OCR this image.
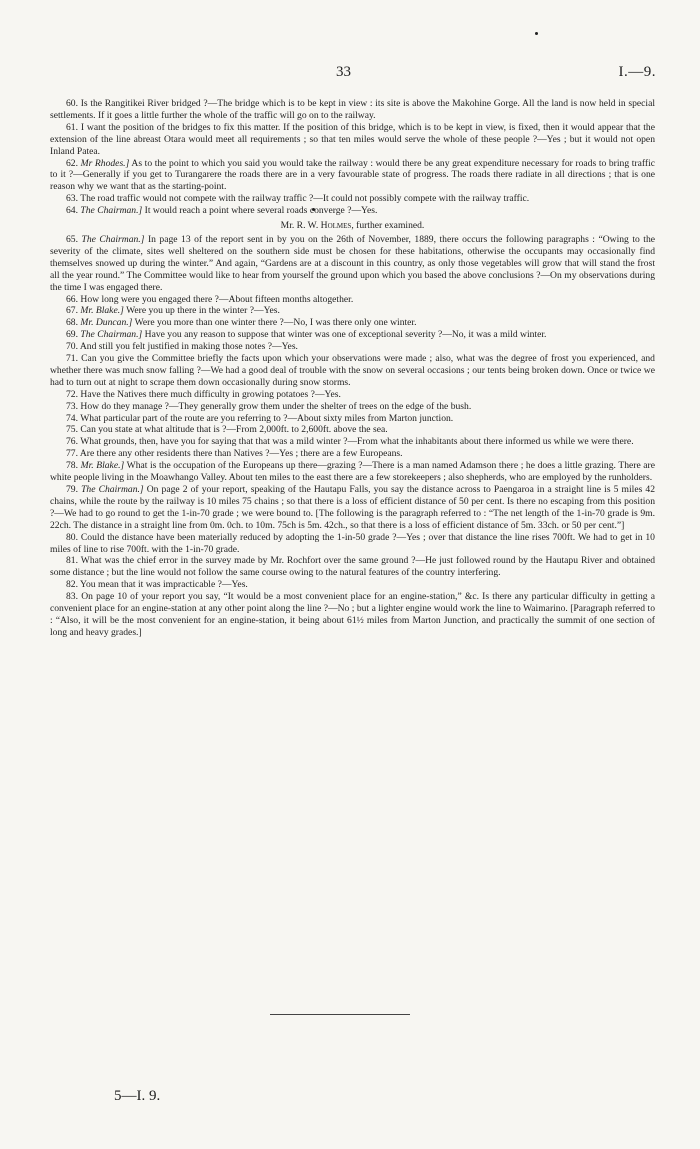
33	I.—9.

60. Is the Rangitikei River bridged ?—The bridge which is to be kept in view : its site is above the Makohine Gorge. All the land is now held in special settlements. If it goes a little further the whole of the traffic will go on to the railway.

61. I want the position of the bridges to fix this matter. If the position of this bridge, which is to be kept in view, is fixed, then it would appear that the extension of the line abreast Otara would meet all requirements ; so that ten miles would serve the whole of these people ?—Yes ; but it would not open Inland Patea.

62. Mr Rhodes.] As to the point to which you said you would take the railway : would there be any great expenditure necessary for roads to bring traffic to it ?—Generally if you get to Turangarere the roads there are in a very favourable state of progress. The roads there radiate in all directions ; that is one reason why we want that as the starting-point.

63. The road traffic would not compete with the railway traffic ?—It could not possibly compete with the railway traffic.

64. The Chairman.] It would reach a point where several roads converge ?—Yes.

Mr. R. W. Holmes, further examined.

65. The Chairman.] In page 13 of the report sent in by you on the 26th of November, 1889, there occurs the following paragraphs : “Owing to the severity of the climate, sites well sheltered on the southern side must be chosen for these habitations, otherwise the occupants may occasionally find themselves snowed up during the winter.” And again, “Gardens are at a discount in this country, as only those vegetables will grow that will stand the frost all the year round.” The Committee would like to hear from yourself the ground upon which you based the above conclusions ?—On my observations during the time I was engaged there.

66. How long were you engaged there ?—About fifteen months altogether.

67. Mr. Blake.] Were you up there in the winter ?—Yes.

68. Mr. Duncan.] Were you more than one winter there ?—No, I was there only one winter.

69. The Chairman.] Have you any reason to suppose that winter was one of exceptional severity ?—No, it was a mild winter.

70. And still you felt justified in making those notes ?—Yes.

71. Can you give the Committee briefly the facts upon which your observations were made ; also, what was the degree of frost you experienced, and whether there was much snow falling ?—We had a good deal of trouble with the snow on several occasions ; our tents being broken down. Once or twice we had to turn out at night to scrape them down occasionally during snow storms.

72. Have the Natives there much difficulty in growing potatoes ?—Yes.

73. How do they manage ?—They generally grow them under the shelter of trees on the edge of the bush.

74. What particular part of the route are you referring to ?—About sixty miles from Marton junction.

75. Can you state at what altitude that is ?—From 2,000ft. to 2,600ft. above the sea.

76. What grounds, then, have you for saying that that was a mild winter ?—From what the inhabitants about there informed us while we were there.

77. Are there any other residents there than Natives ?—Yes ; there are a few Europeans.

78. Mr. Blake.] What is the occupation of the Europeans up there—grazing ?—There is a man named Adamson there ; he does a little grazing. There are white people living in the Moawhango Valley. About ten miles to the east there are a few storekeepers ; also shepherds, who are employed by the runholders.

79. The Chairman.] On page 2 of your report, speaking of the Hautapu Falls, you say the distance across to Paengaroa in a straight line is 5 miles 42 chains, while the route by the railway is 10 miles 75 chains ; so that there is a loss of efficient distance of 50 per cent. Is there no escaping from this position ?—We had to go round to get the 1-in-70 grade ; we were bound to. [The following is the paragraph referred to : “The net length of the 1-in-70 grade is 9m. 22ch. The distance in a straight line from 0m. 0ch. to 10m. 75ch is 5m. 42ch., so that there is a loss of efficient distance of 5m. 33ch. or 50 per cent.”]

80. Could the distance have been materially reduced by adopting the 1-in-50 grade ?—Yes ; over that distance the line rises 700ft. We had to get in 10 miles of line to rise 700ft. with the 1-in-70 grade.

81. What was the chief error in the survey made by Mr. Rochfort over the same ground ?—He just followed round by the Hautapu River and obtained some distance ; but the line would not follow the same course owing to the natural features of the country interfering.

82. You mean that it was impracticable ?—Yes.

83. On page 10 of your report you say, “It would be a most convenient place for an engine-station,” &c. Is there any particular difficulty in getting a convenient place for an engine-station at any other point along the line ?—No ; but a lighter engine would work the line to Waimarino. [Paragraph referred to : “Also, it will be the most convenient for an engine-station, it being about 61½ miles from Marton Junction, and practically the summit of one section of long and heavy grades.]

5—I. 9.
